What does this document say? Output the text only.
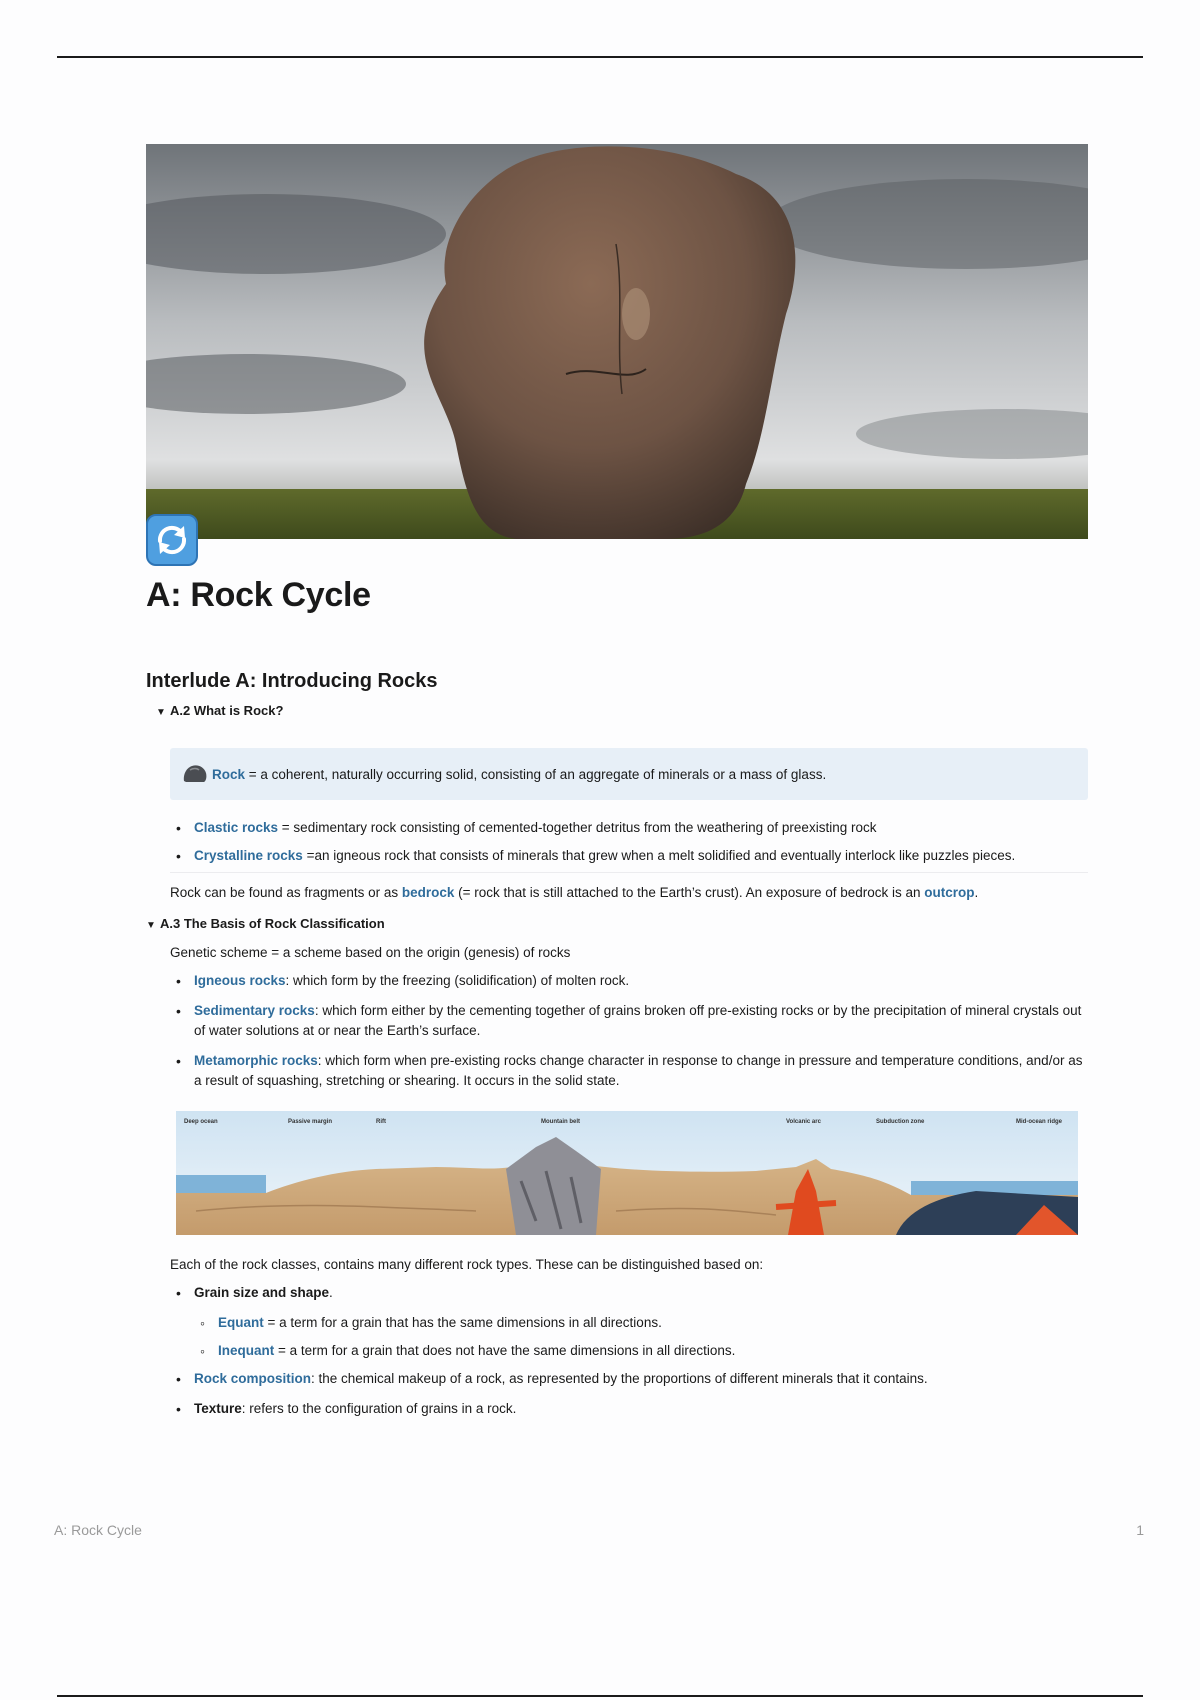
A: Rock Cycle
Interlude A: Introducing Rocks
▼ A.2 What is Rock?
Rock = a coherent, naturally occurring solid, consisting of an aggregate of minerals or a mass of glass.
• Clastic rocks = sedimentary rock consisting of cemented-together detritus from the weathering of preexisting rock
• Crystalline rocks =an igneous rock that consists of minerals that grew when a melt solidified and eventually interlock like puzzles pieces.

Rock can be found as fragments or as bedrock (= rock that is still attached to the Earth’s crust). An exposure of bedrock is an outcrop.

▼ A.3 The Basis of Rock Classification

Genetic scheme = a scheme based on the origin (genesis) of rocks

• Igneous rocks: which form by the freezing (solidification) of molten rock.
• Sedimentary rocks: which form either by the cementing together of grains broken off pre-existing rocks or by the precipitation of mineral crystals out of water solutions at or near the Earth’s surface.
• Metamorphic rocks: which form when pre-existing rocks change character in response to change in pressure and temperature conditions, and/or as a result of squashing, stretching or shearing. It occurs in the solid state.
Deep ocean	Passive margin	Rift	Mountain belt	Volcanic arc	Subduction zone	Mid-ocean ridge

Each of the rock classes, contains many different rock types. These can be distinguished based on:

• Grain size and shape.
◦ Equant = a term for a grain that has the same dimensions in all directions.
◦ Inequant = a term for a grain that does not have the same dimensions in all directions.
• Rock composition: the chemical makeup of a rock, as represented by the proportions of different minerals that it contains.
• Texture: refers to the configuration of grains in a rock.
A: Rock Cycle	1
